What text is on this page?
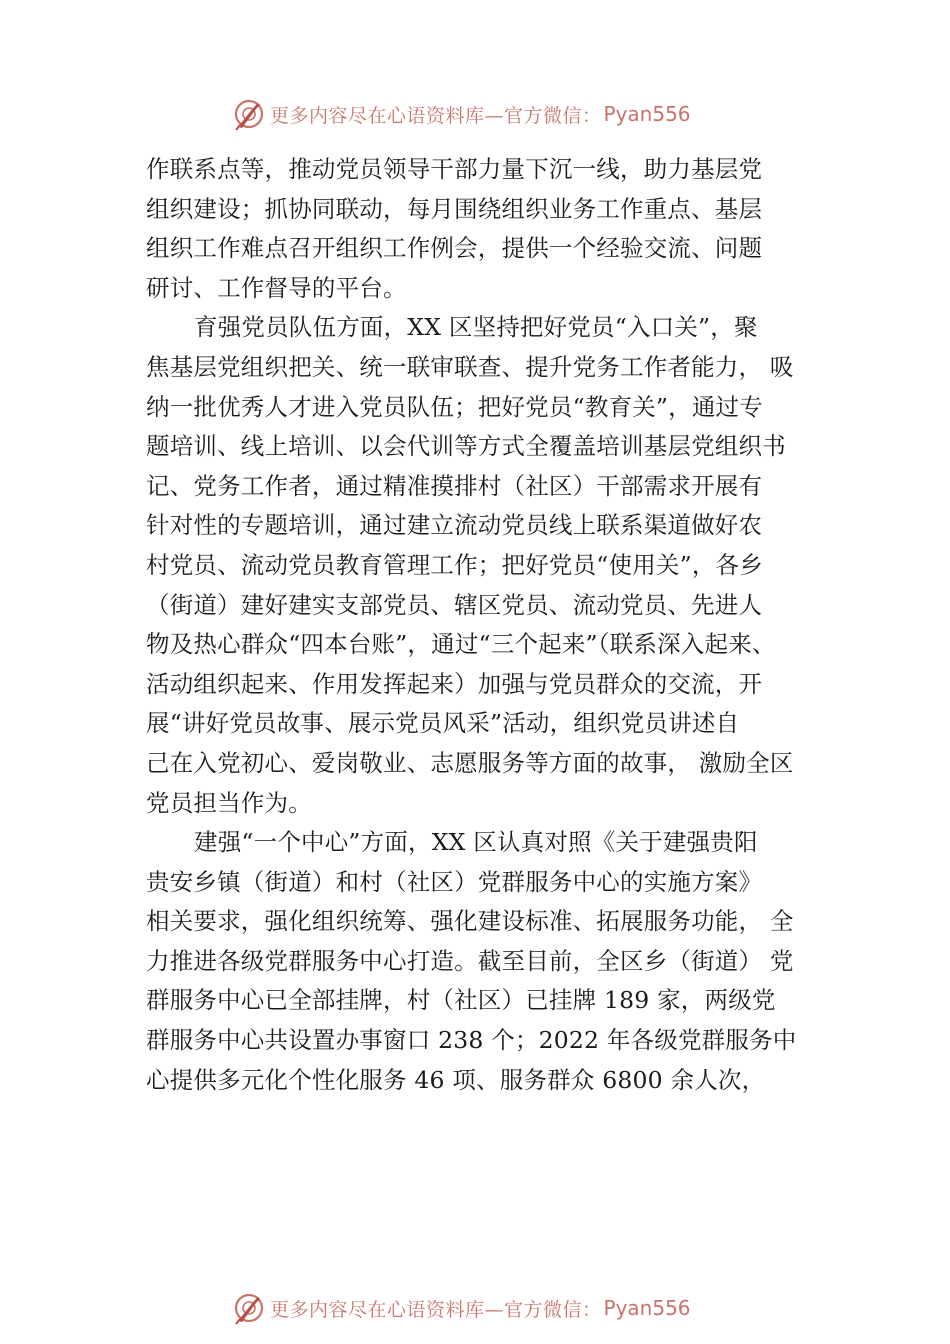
更多内容尽在心语资料库—官方微信： Pyan556
作联系点等，推动党员领导干部力量下沉一线，助力基层党
组织建设；抓协同联动，每月围绕组织业务工作重点、基层
组织工作难点召开组织工作例会，提供一个经验交流、问题
研讨、工作督导的平台。
育强党员队伍方面，XX 区坚持把好党员“入口关”，聚
焦基层党组织把关、统一联审联查、提升党务工作者能力， 吸
纳一批优秀人才进入党员队伍；把好党员“教育关”，通过专
题培训、线上培训、以会代训等方式全覆盖培训基层党组织书
记、党务工作者，通过精准摸排村（社区）干部需求开展有
针对性的专题培训，通过建立流动党员线上联系渠道做好农
村党员、流动党员教育管理工作；把好党员“使用关”，各乡
（街道）建好建实支部党员、辖区党员、流动党员、先进人
物及热心群众“四本台账”，通过“三个起来”（联系深入起来、
活动组织起来、作用发挥起来）加强与党员群众的交流，开
展“讲好党员故事、展示党员风采”活动，组织党员讲述自
己在入党初心、爱岗敬业、志愿服务等方面的故事， 激励全区
党员担当作为。
建强“一个中心”方面，XX 区认真对照《关于建强贵阳
贵安乡镇（街道）和村（社区）党群服务中心的实施方案》
相关要求，强化组织统筹、强化建设标准、拓展服务功能， 全
力推进各级党群服务中心打造。截至目前，全区乡（街道） 党
群服务中心已全部挂牌，村（社区）已挂牌 189 家，两级党
群服务中心共设置办事窗口 238 个；2022 年各级党群服务中
心提供多元化个性化服务 46 项、服务群众 6800 余人次，
更多内容尽在心语资料库—官方微信： Pyan556
